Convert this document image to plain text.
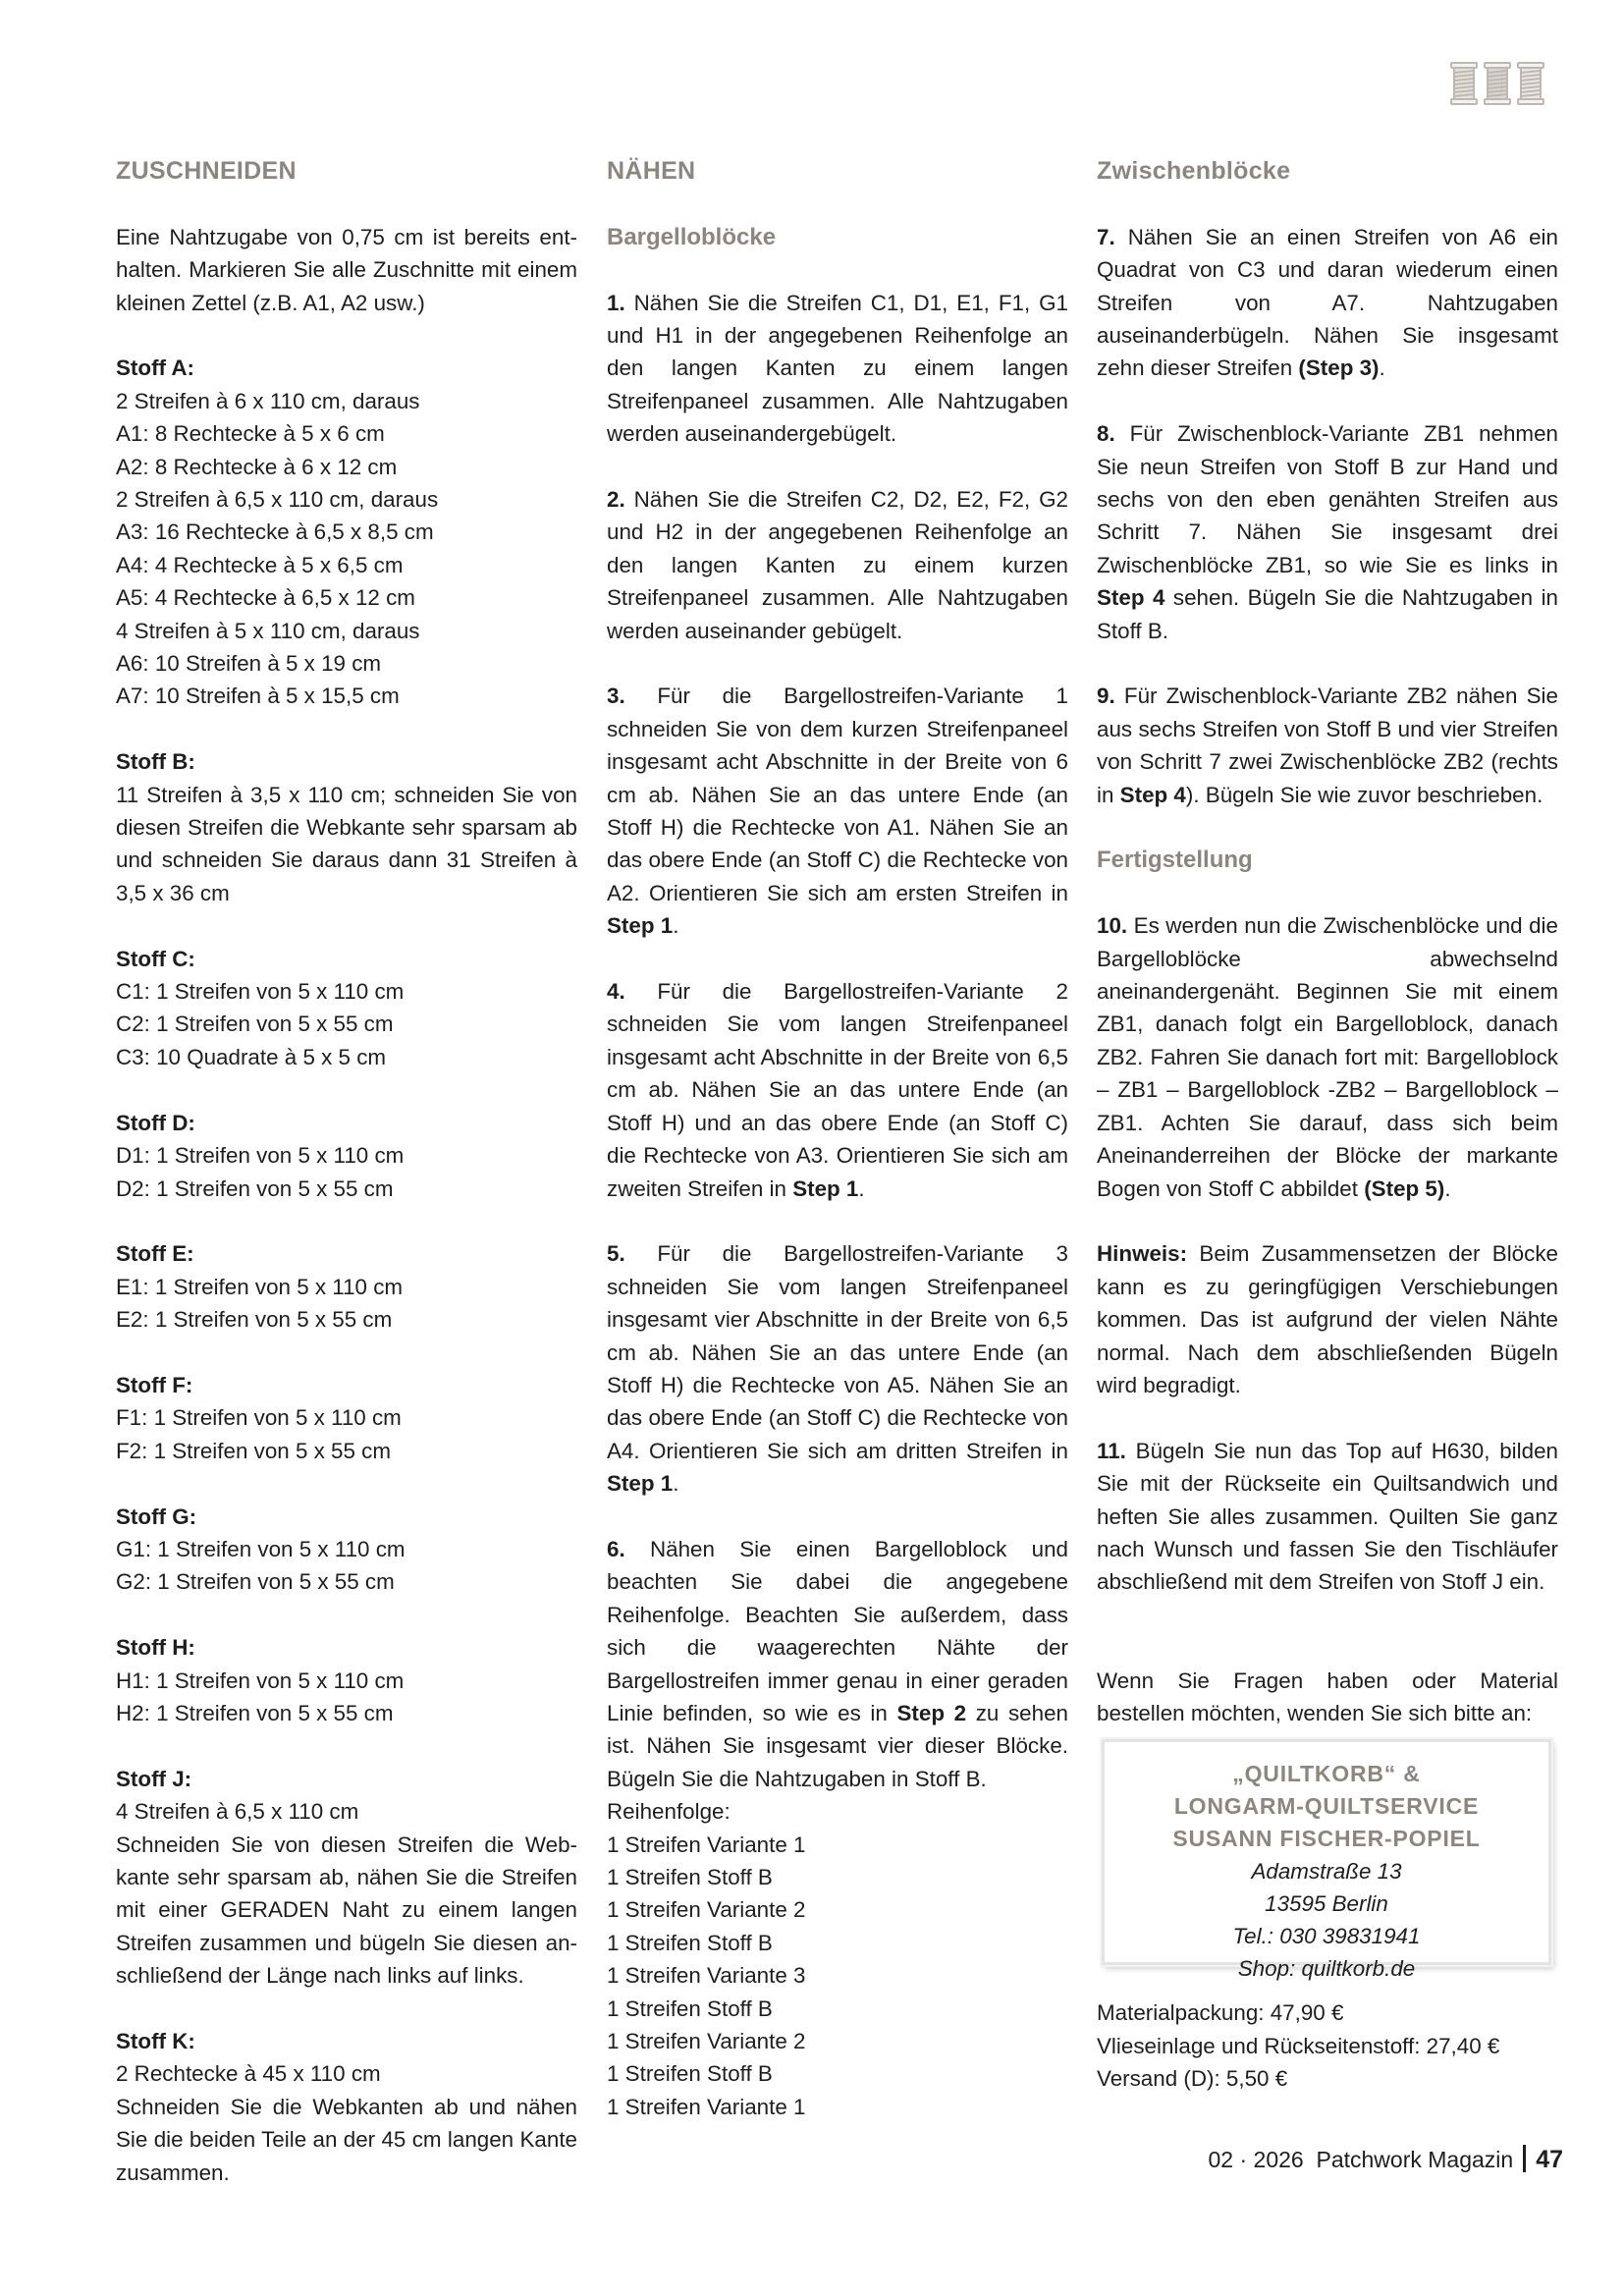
ZUSCHNEIDEN

Eine Nahtzugabe von 0,75 cm ist bereits ent-
halten. Markieren Sie alle Zuschnitte mit einem
kleinen Zettel (z.B. A1, A2 usw.)

Stoff A:
2 Streifen à 6 x 110 cm, daraus
A1: 8 Rechtecke à 5 x 6 cm
A2: 8 Rechtecke à 6 x 12 cm
2 Streifen à 6,5 x 110 cm, daraus
A3: 16 Rechtecke à 6,5 x 8,5 cm
A4: 4 Rechtecke à 5 x 6,5 cm
A5: 4 Rechtecke à 6,5 x 12 cm
4 Streifen à 5 x 110 cm, daraus
A6: 10 Streifen à 5 x 19 cm
A7: 10 Streifen à 5 x 15,5 cm

Stoff B:
11 Streifen à 3,5 x 110 cm; schneiden Sie von
diesen Streifen die Webkante sehr sparsam ab
und schneiden Sie daraus dann 31 Streifen à
3,5 x 36 cm

Stoff C:
C1: 1 Streifen von 5 x 110 cm
C2: 1 Streifen von 5 x 55 cm
C3: 10 Quadrate à 5 x 5 cm

Stoff D:
D1: 1 Streifen von 5 x 110 cm
D2: 1 Streifen von 5 x 55 cm

Stoff E:
E1: 1 Streifen von 5 x 110 cm
E2: 1 Streifen von 5 x 55 cm

Stoff F:
F1: 1 Streifen von 5 x 110 cm
F2: 1 Streifen von 5 x 55 cm

Stoff G:
G1: 1 Streifen von 5 x 110 cm
G2: 1 Streifen von 5 x 55 cm

Stoff H:
H1: 1 Streifen von 5 x 110 cm
H2: 1 Streifen von 5 x 55 cm

Stoff J:
4 Streifen à 6,5 x 110 cm
Schneiden Sie von diesen Streifen die Web-
kante sehr sparsam ab, nähen Sie die Streifen
mit einer GERADEN Naht zu einem langen
Streifen zusammen und bügeln Sie diesen an-
schließend der Länge nach links auf links.

Stoff K:
2 Rechtecke à 45 x 110 cm
Schneiden Sie die Webkanten ab und nähen
Sie die beiden Teile an der 45 cm langen Kante
zusammen.

NÄHEN
Bargelloblöcke

1. Nähen Sie die Streifen C1, D1, E1, F1, G1 und H1 in der angegebenen Reihenfolge an den langen Kanten zu einem langen Streifenpaneel zusammen. Alle Nahtzugaben werden auseinandergebügelt.

2. Nähen Sie die Streifen C2, D2, E2, F2, G2 und H2 in der angegebenen Reihenfolge an den langen Kanten zu einem kurzen Streifenpaneel zusammen. Alle Nahtzugaben werden auseinander gebügelt.

3. Für die Bargellostreifen-Variante 1 schneiden Sie von dem kurzen Streifenpaneel insgesamt acht Abschnitte in der Breite von 6 cm ab. Nähen Sie an das untere Ende (an Stoff H) die Rechtecke von A1. Nähen Sie an das obere Ende (an Stoff C) die Rechtecke von A2. Orientieren Sie sich am ersten Streifen in Step 1.

4. Für die Bargellostreifen-Variante 2 schneiden Sie vom langen Streifenpaneel insgesamt acht Abschnitte in der Breite von 6,5 cm ab. Nähen Sie an das untere Ende (an Stoff H) und an das obere Ende (an Stoff C) die Rechtecke von A3. Orientieren Sie sich am zweiten Streifen in Step 1.

5. Für die Bargellostreifen-Variante 3 schneiden Sie vom langen Streifenpaneel insgesamt vier Abschnitte in der Breite von 6,5 cm ab. Nähen Sie an das untere Ende (an Stoff H) die Rechtecke von A5. Nähen Sie an das obere Ende (an Stoff C) die Rechtecke von A4. Orientieren Sie sich am dritten Streifen in Step 1.

6. Nähen Sie einen Bargelloblock und beachten Sie dabei die angegebene Reihenfolge. Beachten Sie außerdem, dass sich die waagerechten Nähte der Bargellostreifen immer genau in einer geraden Linie befinden, so wie es in Step 2 zu sehen ist. Nähen Sie insgesamt vier dieser Blöcke. Bügeln Sie die Nahtzugaben in Stoff B.

Reihenfolge:
1 Streifen Variante 1
1 Streifen Stoff B
1 Streifen Variante 2
1 Streifen Stoff B
1 Streifen Variante 3
1 Streifen Stoff B
1 Streifen Variante 2
1 Streifen Stoff B
1 Streifen Variante 1
Zwischenblöcke

7. Nähen Sie an einen Streifen von A6 ein Quadrat von C3 und daran wiederum einen Streifen von A7. Nahtzugaben auseinanderbügeln. Nähen Sie insgesamt zehn dieser Streifen (Step 3).

8. Für Zwischenblock-Variante ZB1 nehmen Sie neun Streifen von Stoff B zur Hand und sechs von den eben genähten Streifen aus Schritt 7. Nähen Sie insgesamt drei Zwischenblöcke ZB1, so wie Sie es links in Step 4 sehen. Bügeln Sie die Nahtzugaben in Stoff B.

9. Für Zwischenblock-Variante ZB2 nähen Sie aus sechs Streifen von Stoff B und vier Streifen von Schritt 7 zwei Zwischenblöcke ZB2 (rechts in Step 4). Bügeln Sie wie zuvor beschrieben.

Fertigstellung

10. Es werden nun die Zwischenblöcke und die Bargelloblöcke abwechselnd aneinandergenäht. Beginnen Sie mit einem ZB1, danach folgt ein Bargelloblock, danach ZB2. Fahren Sie danach fort mit: Bargelloblock – ZB1 – Bargelloblock -ZB2 – Bargelloblock – ZB1. Achten Sie darauf, dass sich beim Aneinanderreihen der Blöcke der markante Bogen von Stoff C abbildet (Step 5).

Hinweis: Beim Zusammensetzen der Blöcke kann es zu geringfügigen Verschiebungen kommen. Das ist aufgrund der vielen Nähte normal. Nach dem abschließenden Bügeln wird begradigt.

11. Bügeln Sie nun das Top auf H630, bilden Sie mit der Rückseite ein Quiltsandwich und heften Sie alles zusammen. Quilten Sie ganz nach Wunsch und fassen Sie den Tischläufer abschließend mit dem Streifen von Stoff J ein.

Wenn Sie Fragen haben oder Material bestellen möchten, wenden Sie sich bitte an:

„QUILTKORB“ &
LONGARM-QUILTSERVICE
SUSANN FISCHER-POPIEL
Adamstraße 13
13595 Berlin
Tel.: 030 39831941
Shop: quiltkorb.de
Materialpackung: 47,90 €
Vlieseinlage und Rückseitenstoff: 27,40 €
Versand (D): 5,50 €
02 · 2026 Patchwork Magazin 47
